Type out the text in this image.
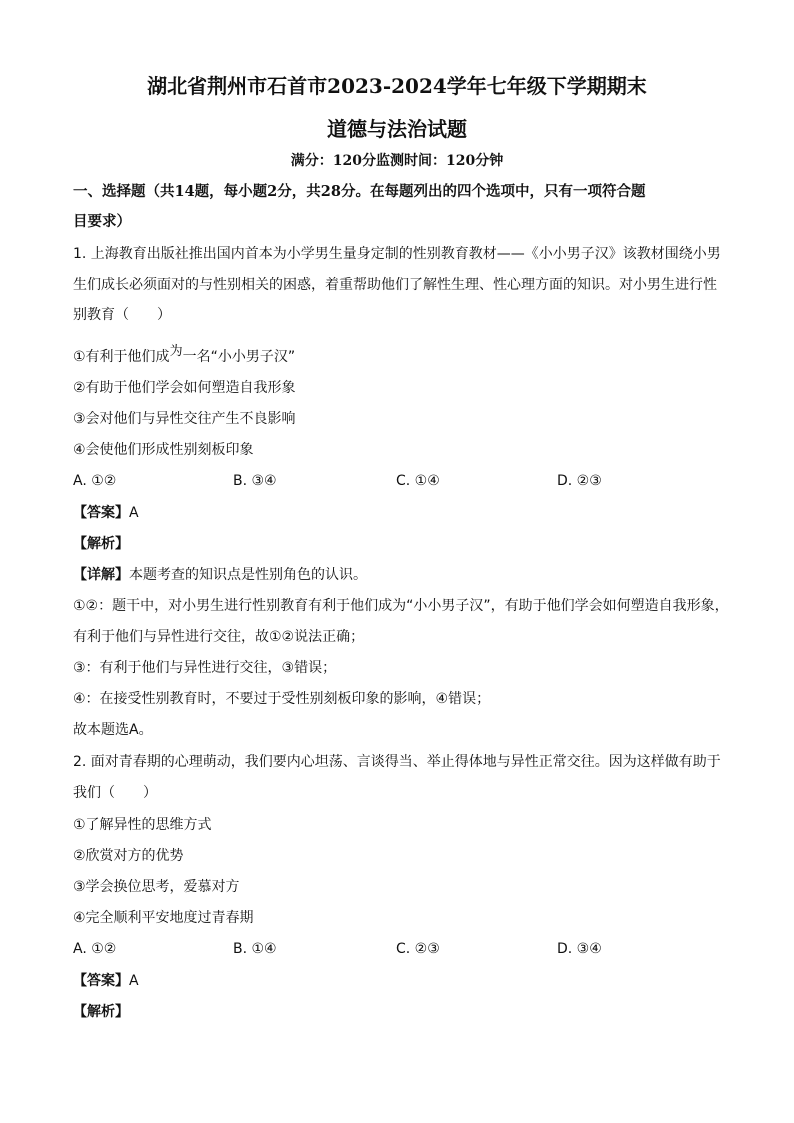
湖北省荆州市石首市2023-2024学年七年级下学期期末
道德与法治试题
满分：120分监测时间：120分钟
一、选择题（共14题，每小题2分，共28分。在每题列出的四个选项中，只有一项符合题
目要求）
1. 上海教育出版社推出国内首本为小学男生量身定制的性别教育教材——《小小男子汉》该教材围绕小男
生们成长必须面对的与性别相关的困惑，着重帮助他们了解性生理、性心理方面的知识。对小男生进行性
别教育（　　）
①有利于他们成为一名“小小男子汉”
②有助于他们学会如何塑造自我形象
③会对他们与异性交往产生不良影响
④会使他们形成性别刻板印象
A. ①②	B. ③④	C. ①④	D. ②③
【答案】A
【解析】
【详解】本题考查的知识点是性别角色的认识。
①②：题干中，对小男生进行性别教育有利于他们成为“小小男子汉”，有助于他们学会如何塑造自我形象，
有利于他们与异性进行交往，故①②说法正确；
③：有利于他们与异性进行交往，③错误；
④：在接受性别教育时，不要过于受性别刻板印象的影响，④错误；
故本题选A。
2. 面对青春期的心理萌动，我们要内心坦荡、言谈得当、举止得体地与异性正常交往。因为这样做有助于
我们（　　）
①了解异性的思维方式
②欣赏对方的优势
③学会换位思考，爱慕对方
④完全顺利平安地度过青春期
A. ①②	B. ①④	C. ②③	D. ③④
【答案】A
【解析】
